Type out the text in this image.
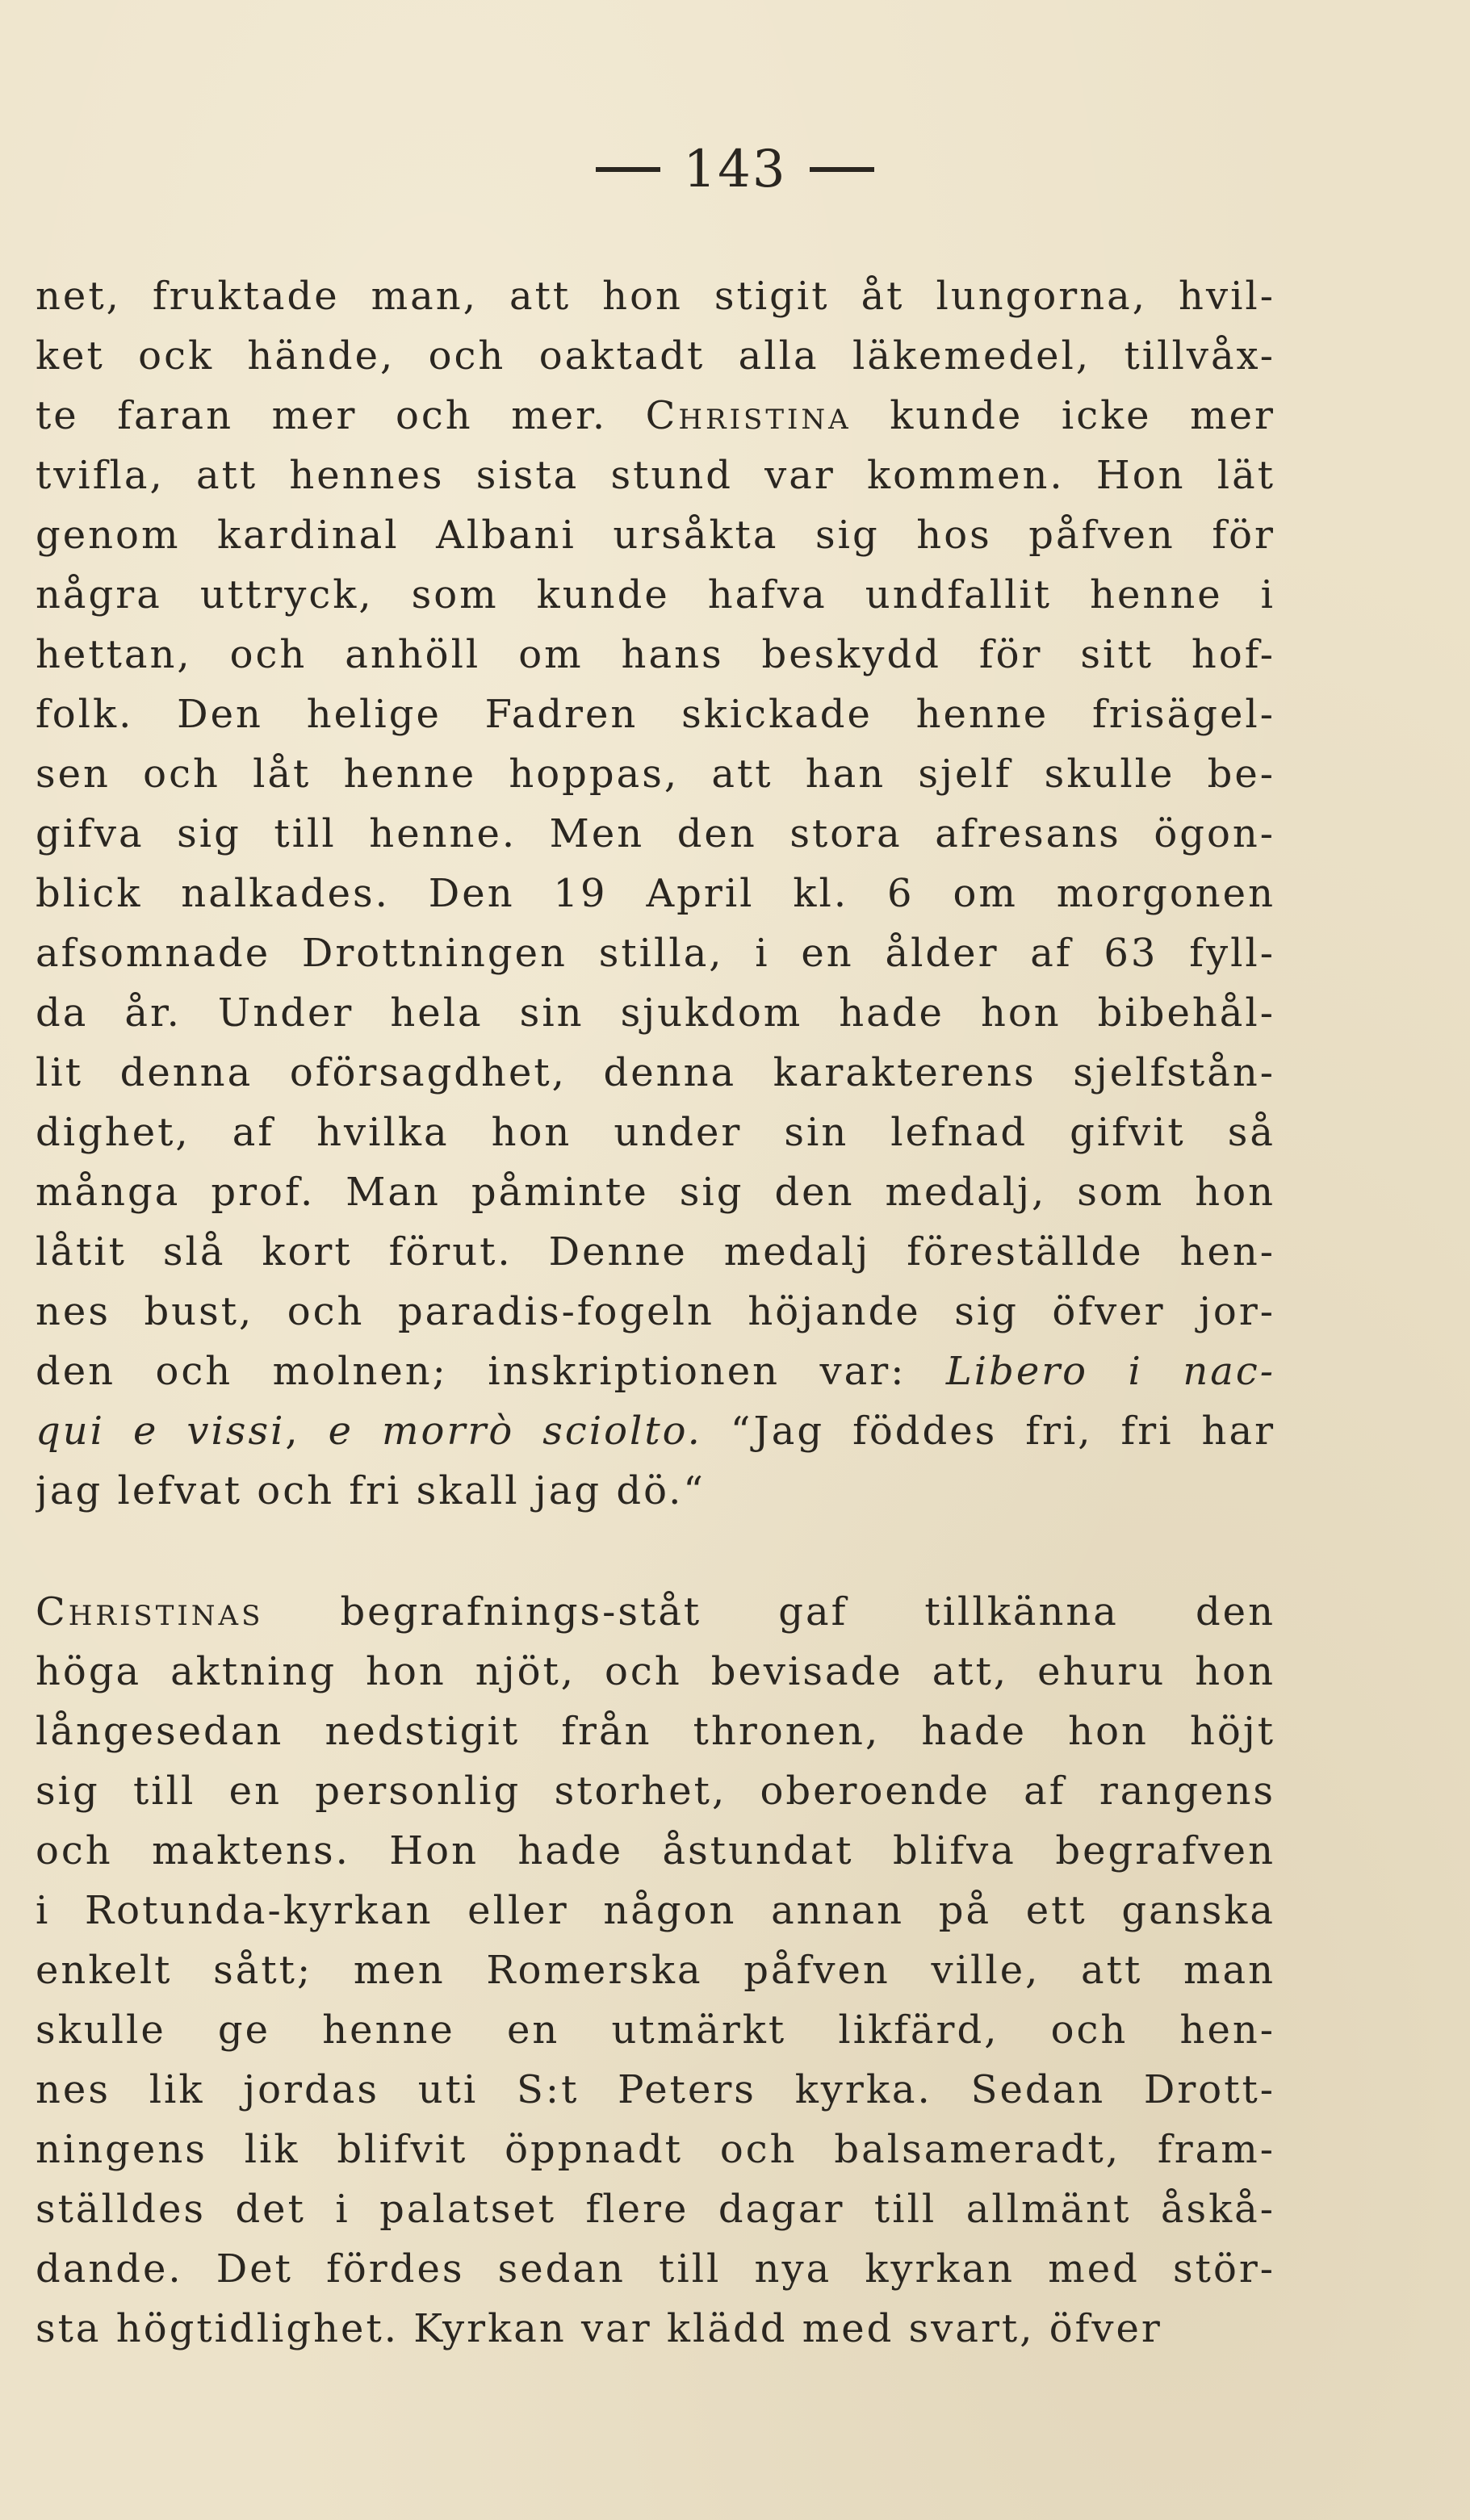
143
net, fruktade man, att hon stigit åt lungorna, hvil-
ket ock hände, och oaktadt alla läkemedel, tillvåx-
te faran mer och mer. Christina kunde icke mer
tvifla, att hennes sista stund var kommen. Hon lät
genom kardinal Albani ursåkta sig hos påfven för
några uttryck, som kunde hafva undfallit henne i
hettan, och anhöll om hans beskydd för sitt hof-
folk. Den helige Fadren skickade henne frisägel-
sen och låt henne hoppas, att han sjelf skulle be-
gifva sig till henne. Men den stora afresans ögon-
blick nalkades. Den 19 April kl. 6 om morgonen
afsomnade Drottningen stilla, i en ålder af 63 fyll-
da år. Under hela sin sjukdom hade hon bibehål-
lit denna oförsagdhet, denna karakterens sjelfstån-
dighet, af hvilka hon under sin lefnad gifvit så
många prof. Man påminte sig den medalj, som hon
låtit slå kort förut. Denne medalj föreställde hen-
nes bust, och paradis-fogeln höjande sig öfver jor-
den och molnen; inskriptionen var: Libero i nac-
qui e vissi, e morrò sciolto. “Jag föddes fri, fri har
jag lefvat och fri skall jag dö.“
Christinas begrafnings-ståt gaf tillkänna den
höga aktning hon njöt, och bevisade att, ehuru hon
långesedan nedstigit från thronen, hade hon höjt
sig till en personlig storhet, oberoende af rangens
och maktens. Hon hade åstundat blifva begrafven
i Rotunda-kyrkan eller någon annan på ett ganska
enkelt sått; men Romerska påfven ville, att man
skulle ge henne en utmärkt likfärd, och hen-
nes lik jordas uti S:t Peters kyrka. Sedan Drott-
ningens lik blifvit öppnadt och balsameradt, fram-
ställdes det i palatset flere dagar till allmänt åskå-
dande. Det fördes sedan till nya kyrkan med stör-
sta högtidlighet. Kyrkan var klädd med svart, öfver
